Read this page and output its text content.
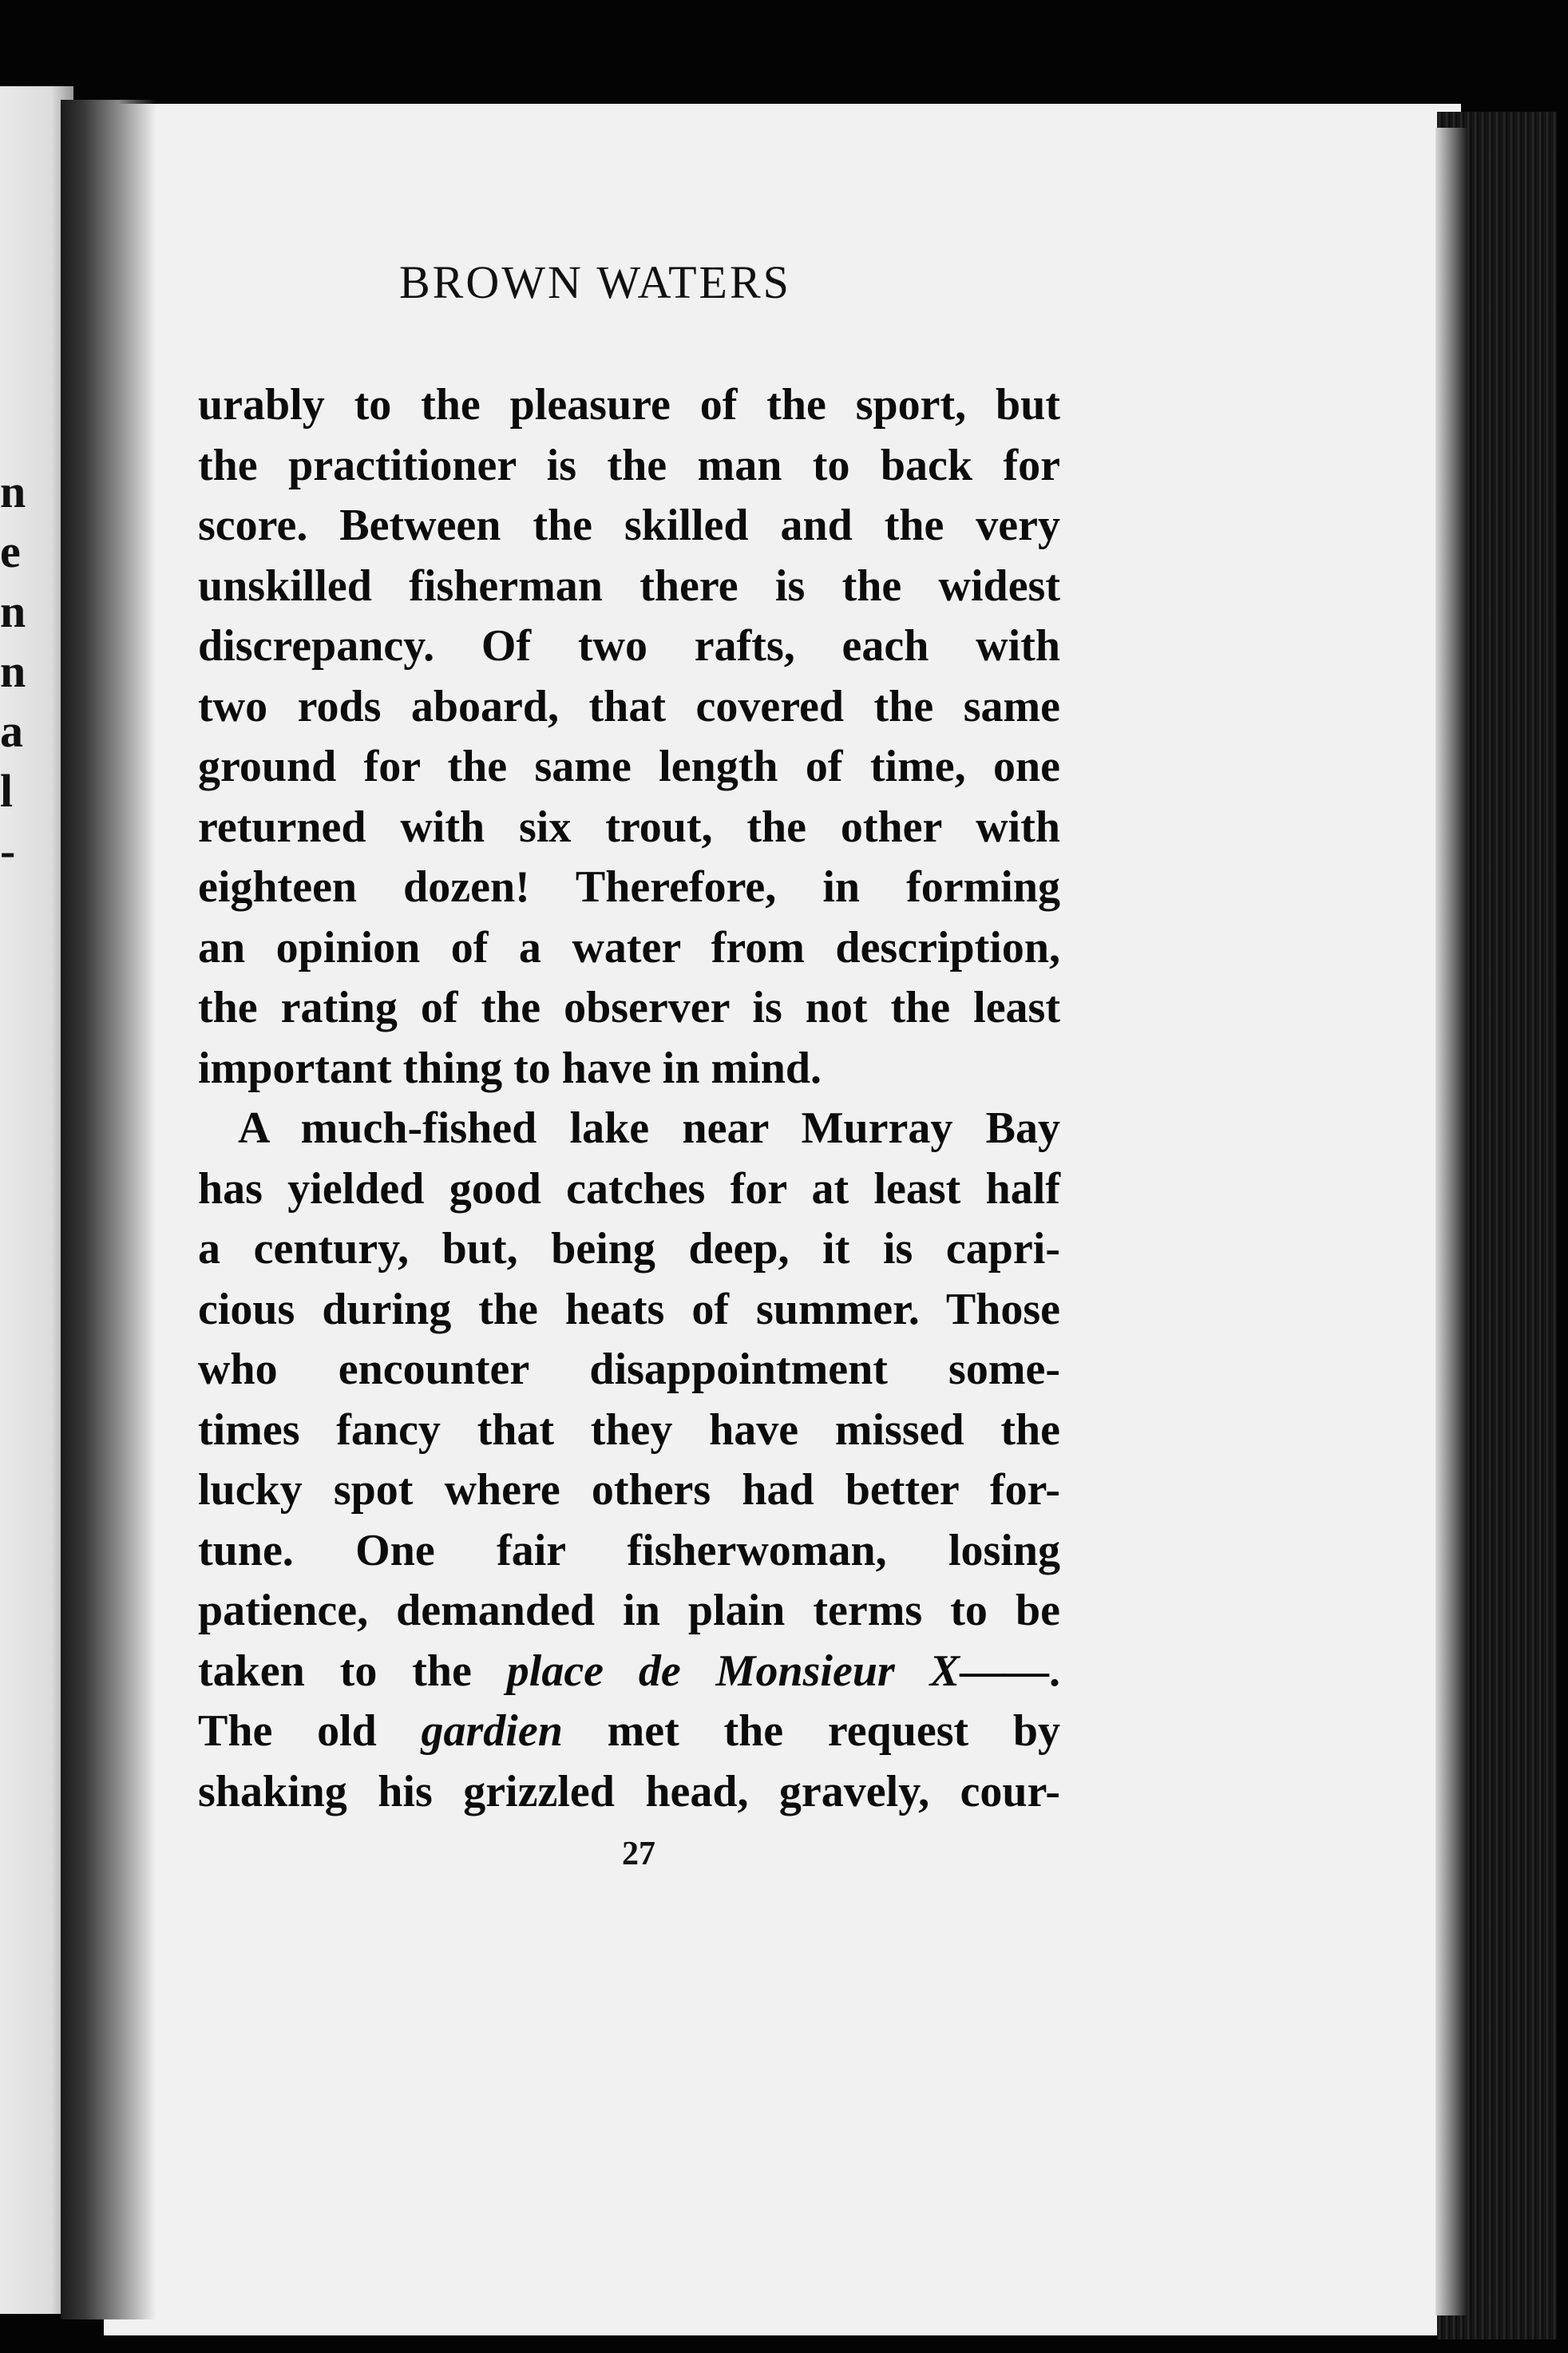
n
e
n
n
a
l
-
BROWN WATERS
urably to the pleasure of the sport, but
the practitioner is the man to back for
score. Between the skilled and the very
unskilled fisherman there is the widest
discrepancy. Of two rafts, each with
two rods aboard, that covered the same
ground for the same length of time, one
returned with six trout, the other with
eighteen dozen! Therefore, in forming
an opinion of a water from description,
the rating of the observer is not the least
important thing to have in mind.
A much-fished lake near Murray Bay
has yielded good catches for at least half
a century, but, being deep, it is capri-
cious during the heats of summer. Those
who encounter disappointment some-
times fancy that they have missed the
lucky spot where others had better for-
tune. One fair fisherwoman, losing
patience, demanded in plain terms to be
taken to the place de Monsieur X——.
The old gardien met the request by
shaking his grizzled head, gravely, cour-
27
